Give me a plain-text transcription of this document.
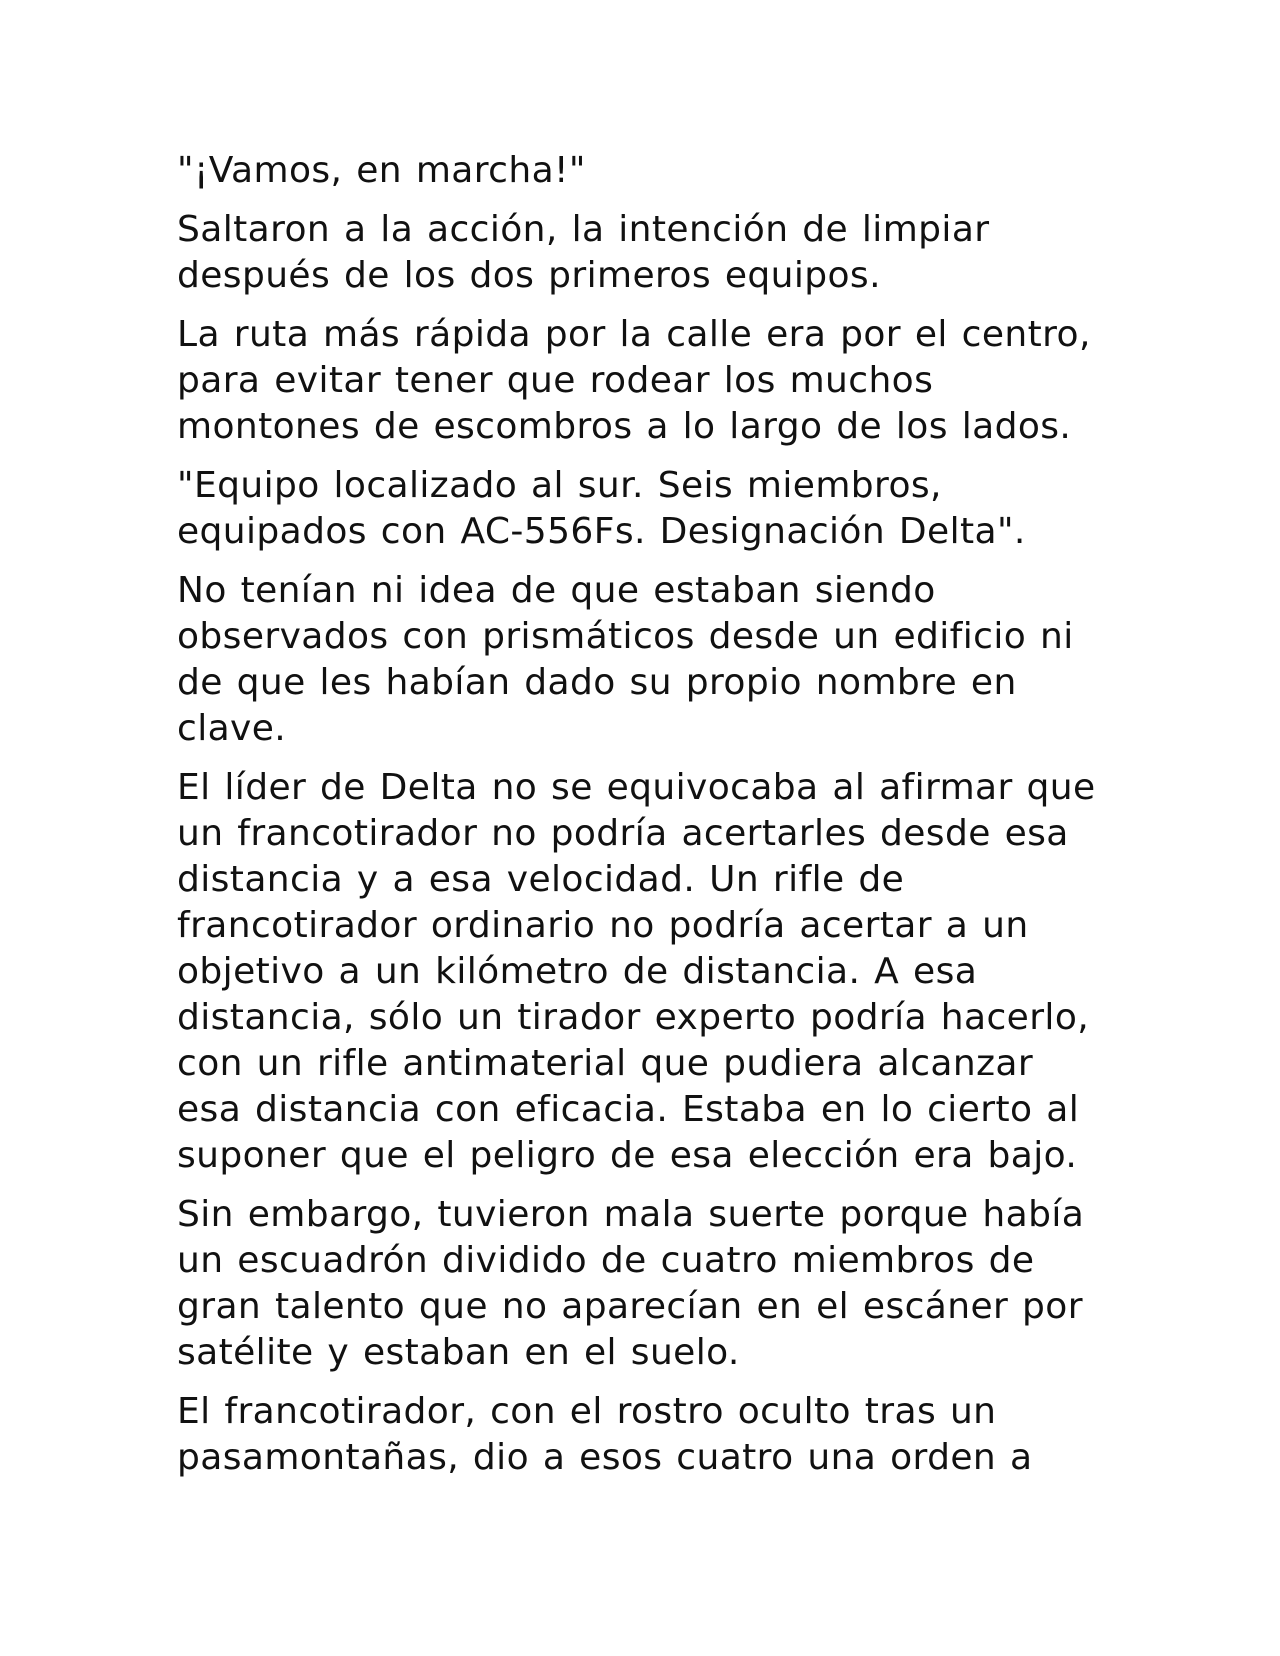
"¡Vamos, en marcha!"

Saltaron a la acción, la intención de limpiar
después de los dos primeros equipos.

La ruta más rápida por la calle era por el centro,
para evitar tener que rodear los muchos
montones de escombros a lo largo de los lados.

"Equipo localizado al sur. Seis miembros,
equipados con AC-556Fs. Designación Delta".

No tenían ni idea de que estaban siendo
observados con prismáticos desde un edificio ni
de que les habían dado su propio nombre en
clave.

El líder de Delta no se equivocaba al afirmar que
un francotirador no podría acertarles desde esa
distancia y a esa velocidad. Un rifle de
francotirador ordinario no podría acertar a un
objetivo a un kilómetro de distancia. A esa
distancia, sólo un tirador experto podría hacerlo,
con un rifle antimaterial que pudiera alcanzar
esa distancia con eficacia. Estaba en lo cierto al
suponer que el peligro de esa elección era bajo.

Sin embargo, tuvieron mala suerte porque había
un escuadrón dividido de cuatro miembros de
gran talento que no aparecían en el escáner por
satélite y estaban en el suelo.

El francotirador, con el rostro oculto tras un
pasamontañas, dio a esos cuatro una orden a
